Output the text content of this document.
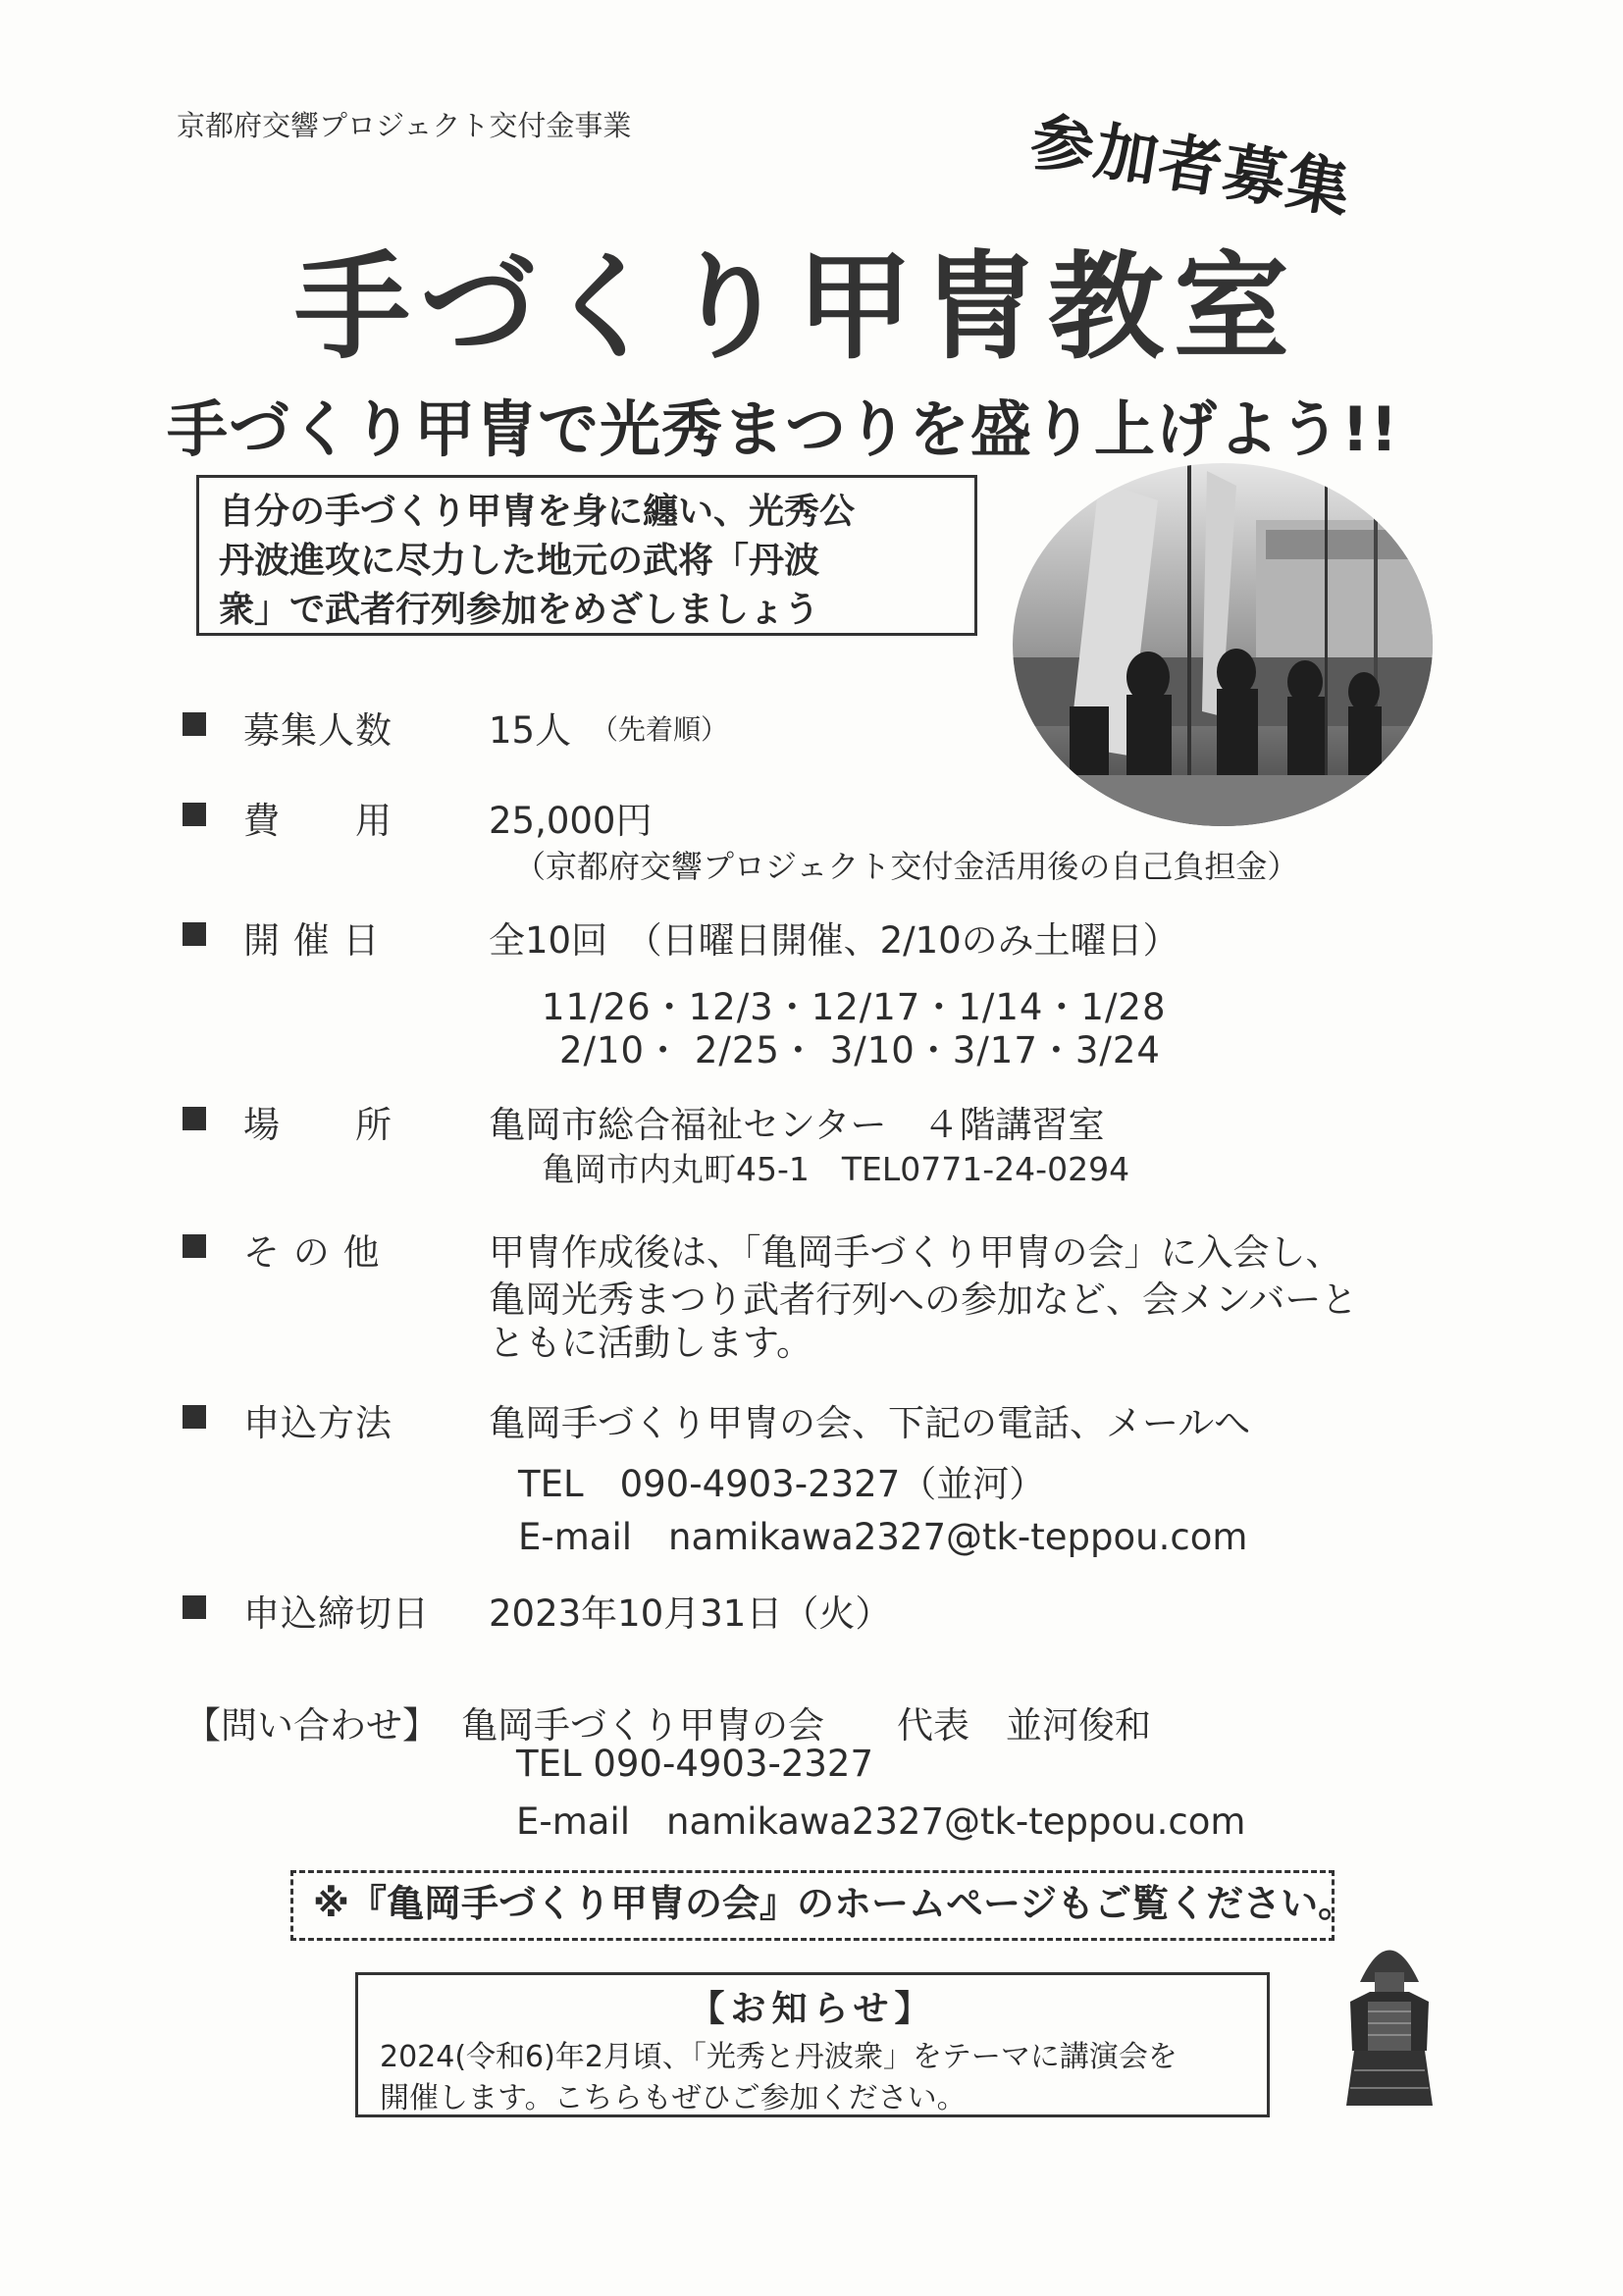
京都府交響プロジェクト交付金事業	参加者募集
手づくり甲冑教室
手づくり甲冑で光秀まつりを盛り上げよう!!
自分の手づくり甲冑を身に纏い、光秀公
丹波進攻に尽力した地元の武将「丹波
衆」で武者行列参加をめざしましょう
募集人数	15人 （先着順）
費　　用	25,000円
（京都府交響プロジェクト交付金活用後の自己負担金）
開 催 日	全10回　（日曜日開催、2/10のみ土曜日）
11/26・12/3・12/17・1/14・1/28
2/10・ 2/25・ 3/10・3/17・3/24
場　　所	亀岡市総合福祉センター　４階講習室
亀岡市内丸町45-1　TEL0771-24-0294
そ の 他	甲冑作成後は、「亀岡手づくり甲冑の会」に入会し、
亀岡光秀まつり武者行列への参加など、会メンバーと
ともに活動します。
申込方法	亀岡手づくり甲冑の会、下記の電話、メールへ
TEL　090-4903-2327（並河）
E-mail　namikawa2327@tk-teppou.com
申込締切日 2023年10月31日（火）
【問い合わせ】 亀岡手づくり甲冑の会　　代表　並河俊和
TEL 090-4903-2327
E-mail　namikawa2327@tk-teppou.com
※『亀岡手づくり甲冑の会』のホームページもご覧ください。
【お知らせ】
2024(令和6)年2月頃、「光秀と丹波衆」をテーマに講演会を
開催します。こちらもぜひご参加ください。
